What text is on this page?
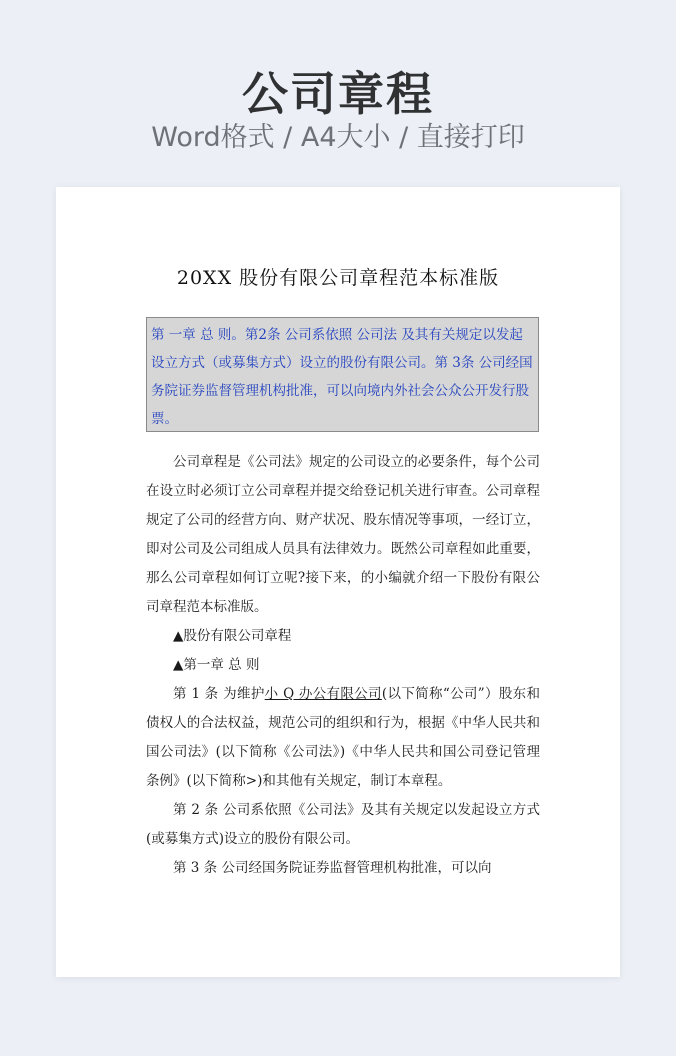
公司章程
Word格式 / A4大小 / 直接打印
20XX 股份有限公司章程范本标准版
第 一章 总 则。第2条 公司系依照 公司法 及其有关规定以发起设立方式（或募集方式）设立的股份有限公司。第 3条 公司经国务院证券监督管理机构批准，可以向境内外社会公众公开发行股票。

公司章程是《公司法》规定的公司设立的必要条件，每个公司在设立时必须订立公司章程并提交给登记机关进行审查。公司章程规定了公司的经营方向、财产状况、股东情况等事项，一经订立，即对公司及公司组成人员具有法律效力。既然公司章程如此重要，那么公司章程如何订立呢?接下来，的小编就介绍一下股份有限公司章程范本标准版。

▲股份有限公司章程

▲第一章 总 则

第 1 条 为维护小 Q 办公有限公司(以下简称“公司”）股东和债权人的合法权益，规范公司的组织和行为，根据《中华人民共和国公司法》(以下简称《公司法》)《中华人民共和国公司登记管理条例》(以下简称>)和其他有关规定，制订本章程。

第 2 条 公司系依照《公司法》及其有关规定以发起设立方式(或募集方式)设立的股份有限公司。

第 3 条 公司经国务院证券监督管理机构批准，可以向
